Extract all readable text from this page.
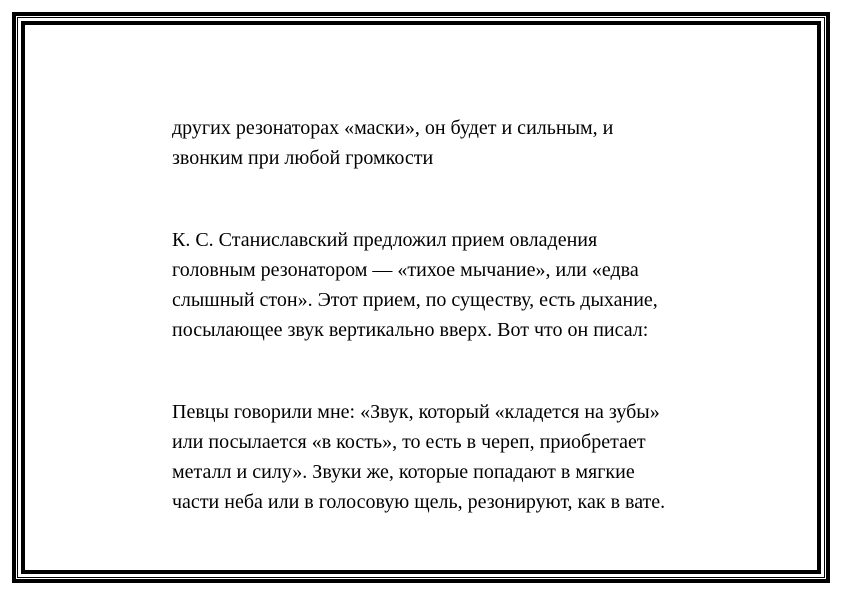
других резонаторах «маски», он будет и сильным, и
звонким при любой громкости

К. С. Станиславский предложил прием овладения
головным резонатором — «тихое мычание», или «едва
слышный стон». Этот прием, по существу, есть дыхание,
посылающее звук вертикально вверх. Вот что он писал:

Певцы говорили мне: «Звук, который «кладется на зубы»
или посылается «в кость», то есть в череп, приобретает
металл и силу». Звуки же, которые попадают в мягкие
части неба или в голосовую щель, резонируют, как в вате.
